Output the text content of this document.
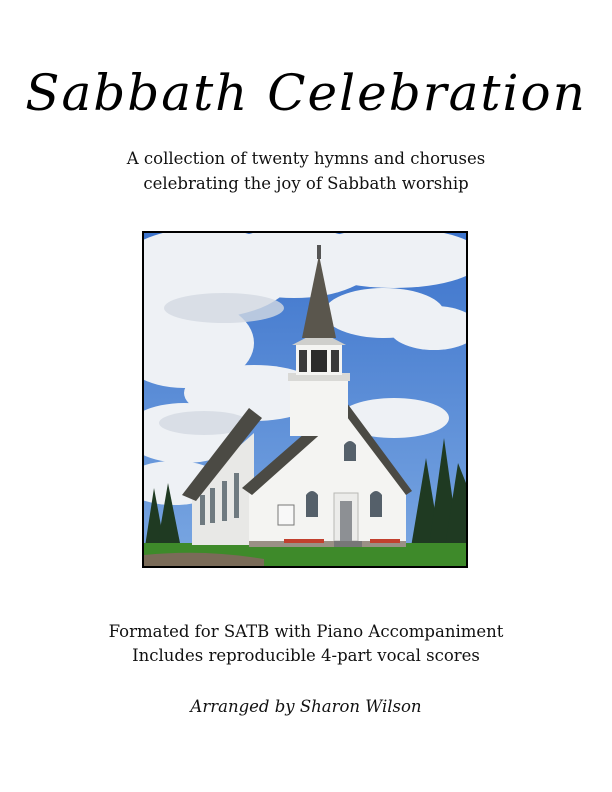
Sabbath Celebration
A collection of twenty hymns and choruses
celebrating the joy of Sabbath worship
Formated for SATB with Piano Accompaniment
Includes reproducible 4-part vocal scores
Arranged by Sharon Wilson
